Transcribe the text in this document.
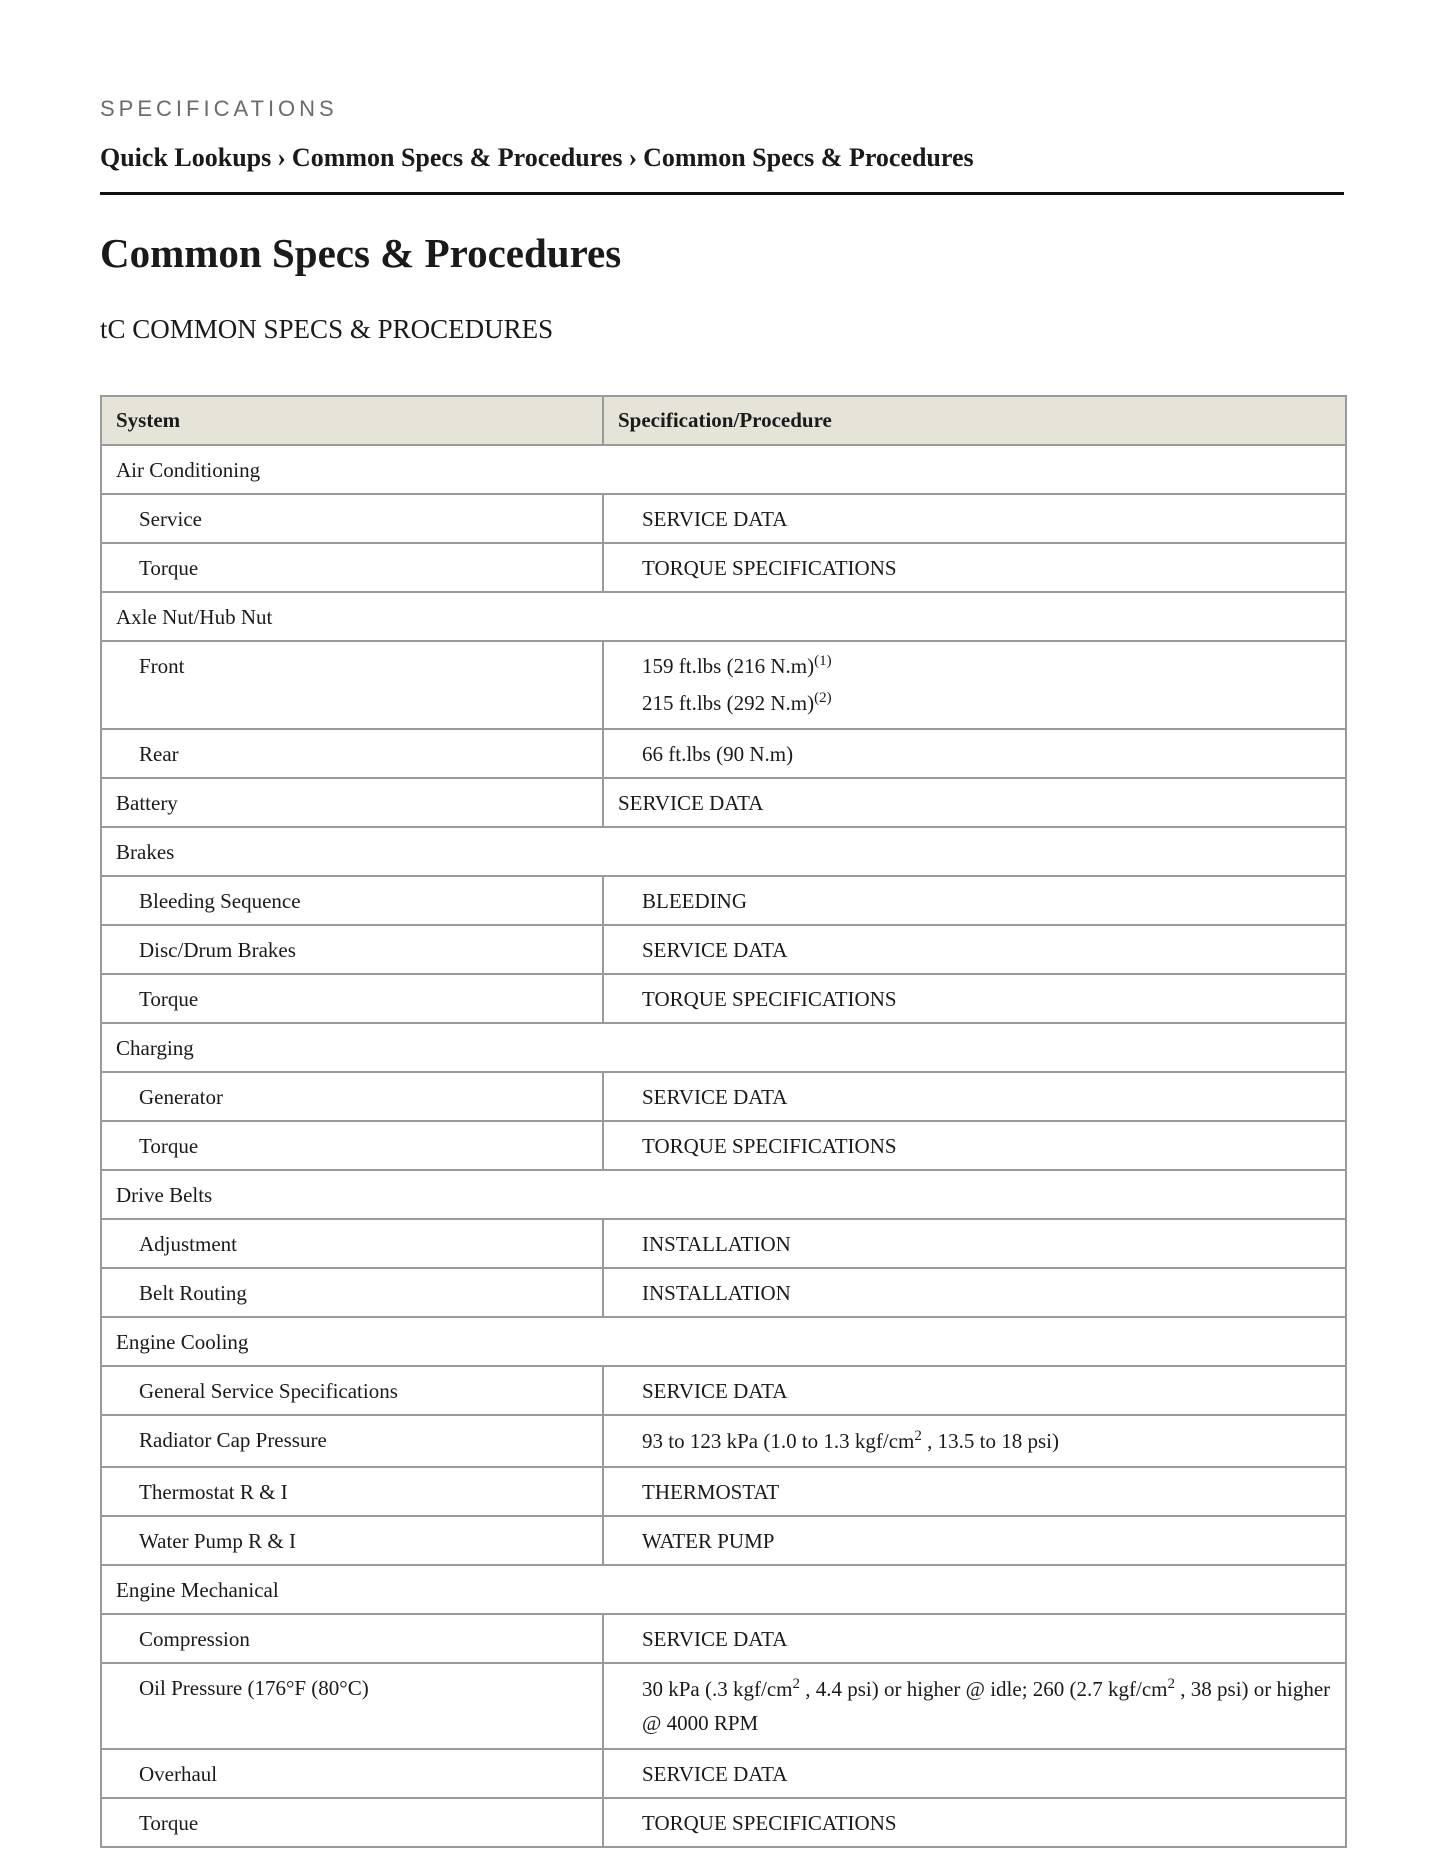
SPECIFICATIONS

Quick Lookups › Common Specs & Procedures › Common Specs & Procedures
Common Specs & Procedures
tC COMMON SPECS & PROCEDURES
System	Specification/Procedure
Air Conditioning	
Service	SERVICE DATA
Torque	TORQUE SPECIFICATIONS
Axle Nut/Hub Nut	
Front	159 ft.lbs (216 N.m)$^{(1)}$
215 ft.lbs (292 N.m)$^{(2)}$

Rear	66 ft.lbs (90 N.m)
Battery	SERVICE DATA
Brakes	
Bleeding Sequence	BLEEDING
Disc/Drum Brakes	SERVICE DATA
Torque	TORQUE SPECIFICATIONS
Charging	
Generator	SERVICE DATA
Torque	TORQUE SPECIFICATIONS
Drive Belts	
Adjustment	INSTALLATION
Belt Routing	INSTALLATION
Engine Cooling	
General Service Specifications	SERVICE DATA
Radiator Cap Pressure	93 to 123 kPa (1.0 to 1.3 kgf/$cm^2$ , 13.5 to 18 psi)
Thermostat R & I	THERMOSTAT
Water Pump R & I	WATER PUMP
Engine Mechanical	
Compression	SERVICE DATA
Oil Pressure (176°F (80°C)	30 kPa (.3 kgf/$cm^2$ , 4.4 psi) or higher @ idle; 260 (2.7 kgf/$cm^2$ , 38 psi) or higher @ 4000 RPM
Overhaul	SERVICE DATA
Torque	TORQUE SPECIFICATIONS
